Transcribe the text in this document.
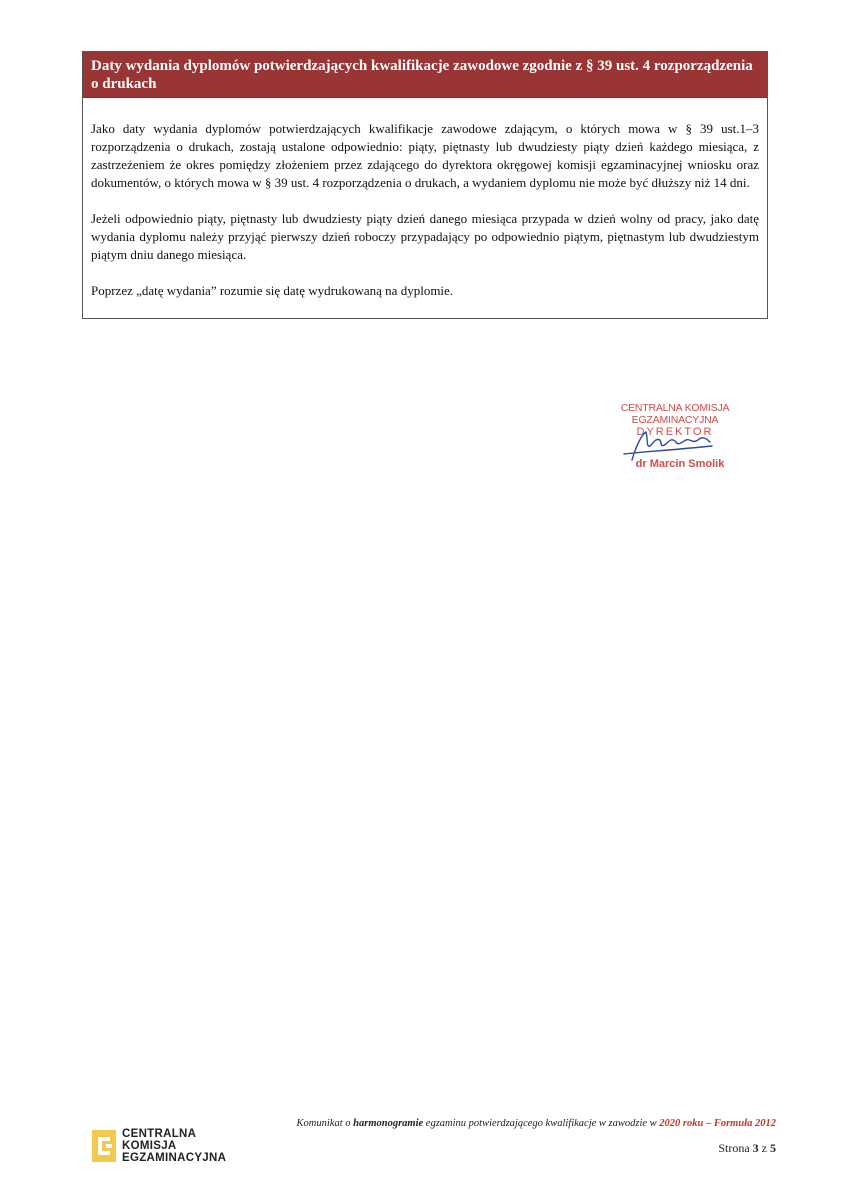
Daty wydania dyplomów potwierdzających kwalifikacje zawodowe zgodnie z § 39 ust. 4 rozporządzenia o drukach

Jako daty wydania dyplomów potwierdzających kwalifikacje zawodowe zdającym, o których mowa w § 39 ust.1–3 rozporządzenia o drukach, zostają ustalone odpowiednio: piąty, piętnasty lub dwudziesty piąty dzień każdego miesiąca, z zastrzeżeniem że okres pomiędzy złożeniem przez zdającego do dyrektora okręgowej komisji egzaminacyjnej wniosku oraz dokumentów, o których mowa w § 39 ust. 4 rozporządzenia o drukach, a wydaniem dyplomu nie może być dłuższy niż 14 dni.

Jeżeli odpowiednio piąty, piętnasty lub dwudziesty piąty dzień danego miesiąca przypada w dzień wolny od pracy, jako datę wydania dyplomu należy przyjąć pierwszy dzień roboczy przypadający po odpowiednio piątym, piętnastym lub dwudziestym piątym dniu danego miesiąca.

Poprzez „datę wydania” rozumie się datę wydrukowaną na dyplomie.

CENTRALNA KOMISJA EGZAMINACYJNA
DYREKTOR
dr Marcin Smolik
CENTRALNA
KOMISJA
EGZAMINACYJNA
Komunikat o harmonogramie egzaminu potwierdzającego kwalifikacje w zawodzie w 2020 roku – Formuła 2012
Strona 3 z 5
